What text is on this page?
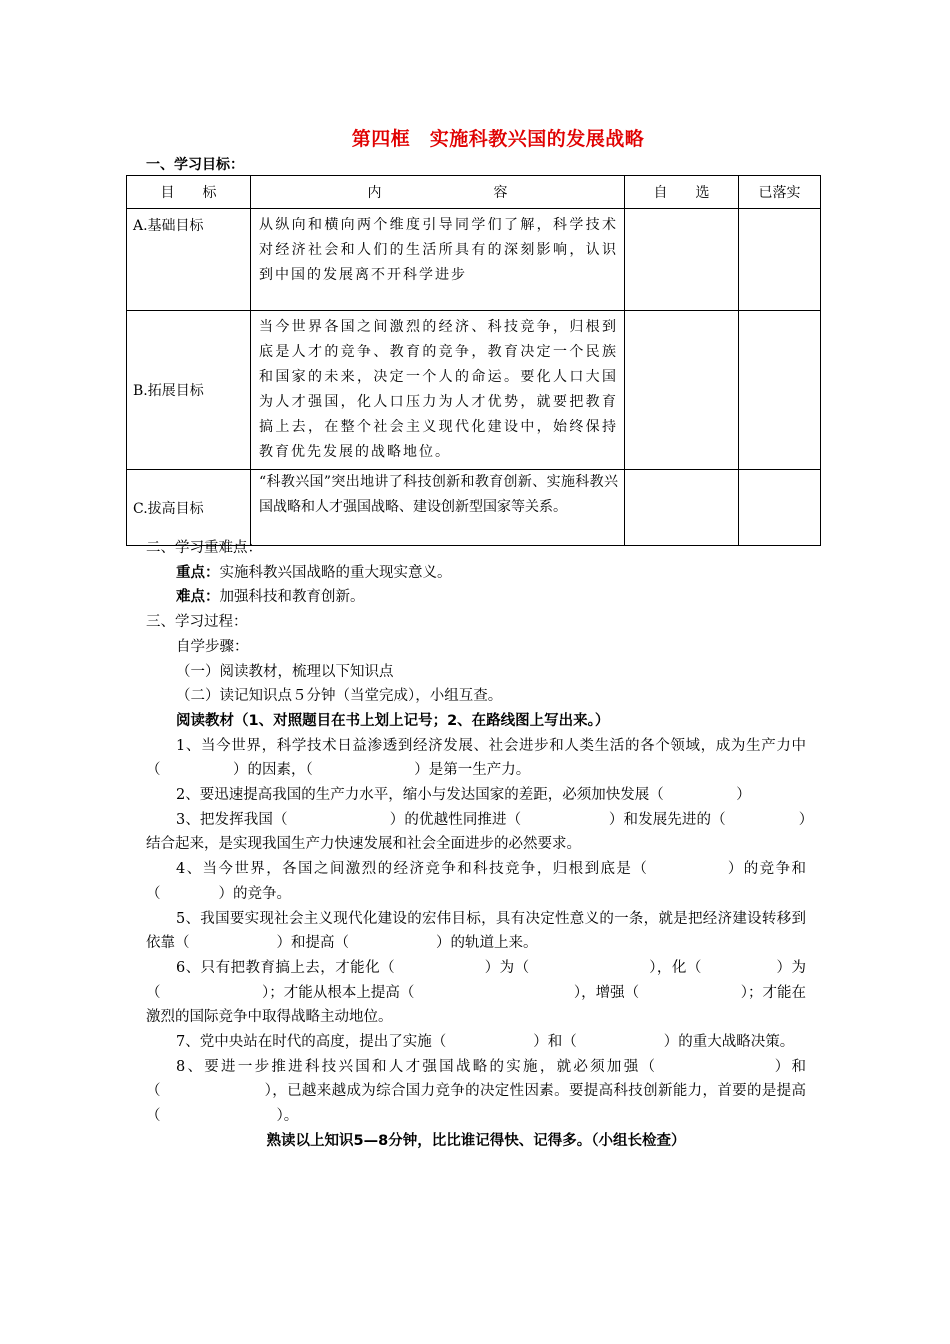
第四框　实施科教兴国的发展战略
一、学习目标：
目　　标	内　　　　　　　　容	自　　选	已落实
A.基础目标	从纵向和横向两个维度引导同学们了解，科学技术对经济社会和人们的生活所具有的深刻影响，认识到中国的发展离不开科学进步		
B.拓展目标	当今世界各国之间激烈的经济、科技竞争，归根到底是人才的竞争、教育的竞争，教育决定一个民族和国家的未来，决定一个人的命运。要化人口大国为人才强国，化人口压力为人才优势，就要把教育搞上去，在整个社会主义现代化建设中，始终保持教育优先发展的战略地位。		
C.拔高目标	“科教兴国”突出地讲了科技创新和教育创新、实施科教兴国战略和人才强国战略、建设创新型国家等关系。		

二、学习重难点：

重点：实施科教兴国战略的重大现实意义。

难点：加强科技和教育创新。

三、学习过程：

自学步骤：

（一）阅读教材，梳理以下知识点

（二）读记知识点５分钟（当堂完成），小组互查。

阅读教材（1、对照题目在书上划上记号；2、在路线图上写出来。）

1、当今世界，科学技术日益渗透到经济发展、社会进步和人类生活的各个领域，成为生产力中（　　　　　）的因素，（　　　　　　　）是第一生产力。

2、要迅速提高我国的生产力水平，缩小与发达国家的差距，必须加快发展（　　　　　）

3、把发挥我国（　　　　　　　）的优越性同推进（　　　　　　）和发展先进的（　　　　　）结合起来，是实现我国生产力快速发展和社会全面进步的必然要求。

4、当今世界，各国之间激烈的经济竞争和科技竞争，归根到底是（　　　　　）的竞争和（　　　　）的竞争。

5、我国要实现社会主义现代化建设的宏伟目标，具有决定性意义的一条，就是把经济建设转移到依靠（　　　　　　）和提高（　　　　　　）的轨道上来。

6、只有把教育搞上去，才能化（　　　　　　）为（　　　　　　　　），化（　　　　　）为（　　　　　　　）；才能从根本上提高（　　　　　　　　　　　），增强（　　　　　　　）；才能在激烈的国际竞争中取得战略主动地位。

7、党中央站在时代的高度，提出了实施（　　　　　　）和（　　　　　　）的重大战略决策。

8、要进一步推进科技兴国和人才强国战略的实施，就必须加强（　　　　　　　）和（　　　　　　　），已越来越成为综合国力竞争的决定性因素。要提高科技创新能力，首要的是提高（　　　　　　　　）。

熟读以上知识5—8分钟，比比谁记得快、记得多。（小组长检查）
